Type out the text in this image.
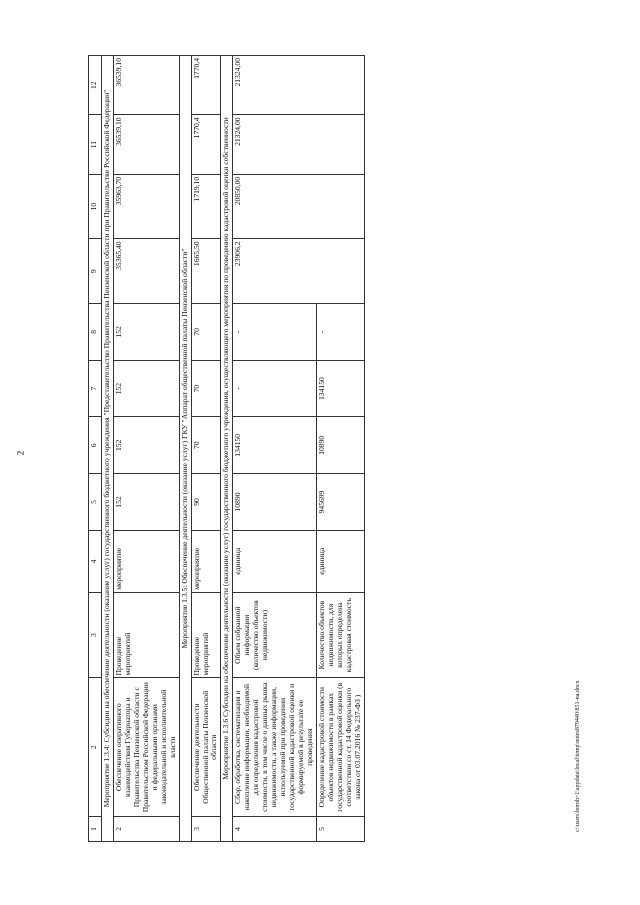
2
1	2	3	4	5	6	7	8	9	10	11	12
Мероприятие 1.3.4: Субсидии на обеспечение деятельности (оказание услуг) государственного бюджетного учреждения "Представительство Правительства Пензенской области при Правительстве Российской Федерации"											
2	Обеспечение оперативного взаимодействия Губернатора и Правительства Пензенской области с Правительством Российской Федерации и федеральными органами законодательной и исполнительной власти	Проведение мероприятий	мероприятие	152	152	152	152	35365,40	35963,70	36539,10	36539,10
Мероприятие 1.3.5: Обеспечение деятельности (оказание услуг) ГКУ "Аппарат общественной палаты Пензенской области"											
3	Обеспечение деятельности Общественной палаты Пензенской области	Проведение мероприятий	мероприятие	90	70	70	70	1665,50	1719,10	1770,4	1770,4
Мероприятие 1.3.6 Субсидии на обеспечение деятельности (оказание услуг) государственного бюджетного учреждения, осуществляющего мероприятия по проведению кадастровой оценки собственности											
4	Сбор, обработка, систематизация и накопление информации, необходимой для определения кадастровой стоимости, в том числе о данных рынка недвижимости, а также информации, используемой при проведении государственной кадастровой оценки и формируемой в результате ее проведения	Объем собранной информации (количество объектов недвижимости)	единица	10890	134150	-	-	23906,2	20850,00	21324,00	21324,00
5	Определение кадастровой стоимости объектов недвижимости в рамках государственной кадастровой оценки (в соответствии со ст. 14 Федерального закона от 03.07.2016 № 237-ФЗ )	Количество объектов недвижимости, для которых определена кадастровая стоимость	единица	945699	10890	134150	-				
c:\users\boroh~1\appdata\local\temp\notes879440\851-на.docx
